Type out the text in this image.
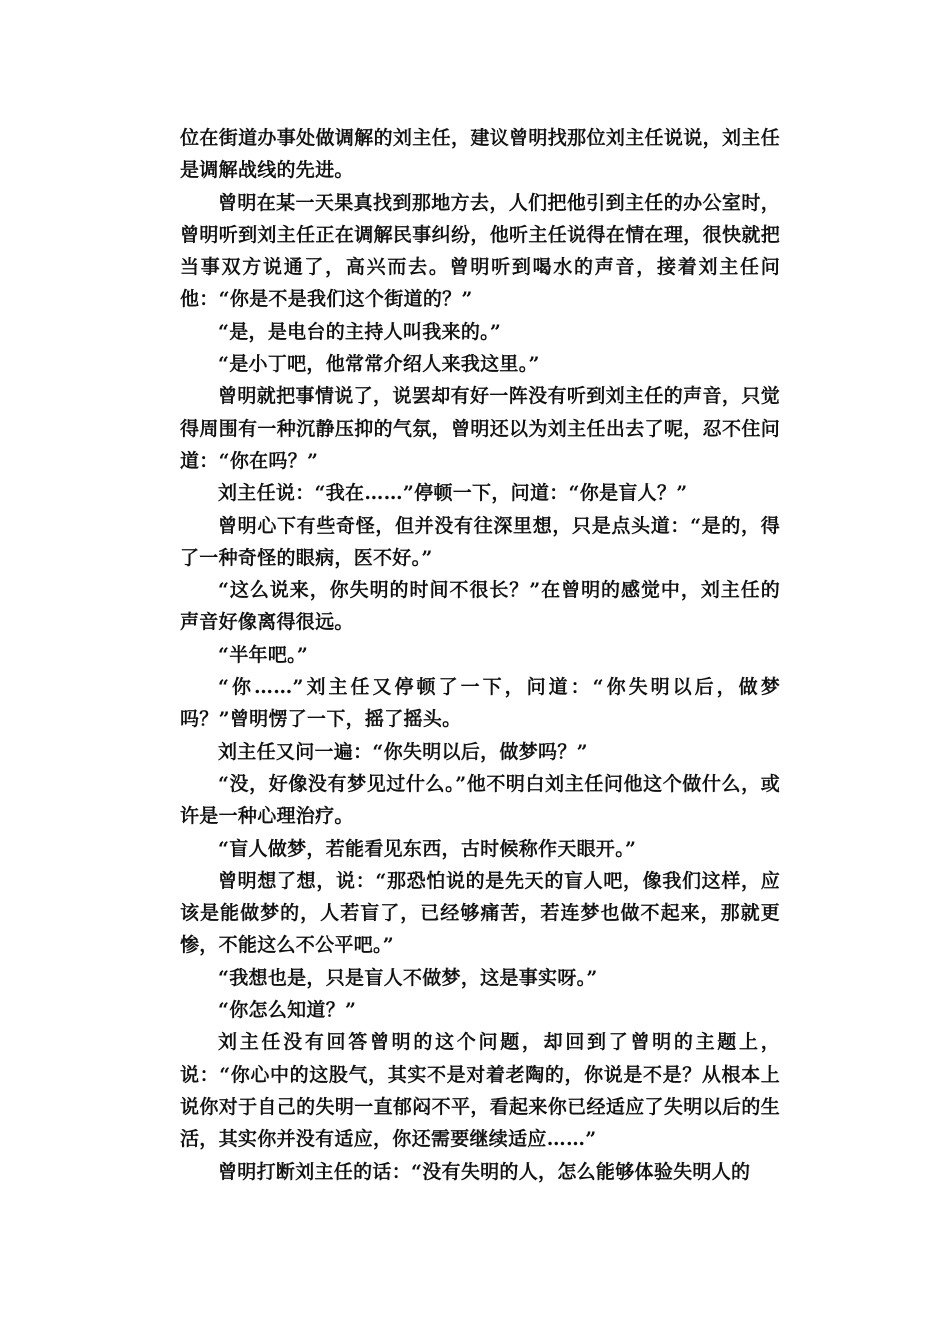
位在街道办事处做调解的刘主任，建议曾明找那位刘主任说说，刘主任是调解战线的先进。

曾明在某一天果真找到那地方去，人们把他引到主任的办公室时，曾明听到刘主任正在调解民事纠纷，他听主任说得在情在理，很快就把当事双方说通了，高兴而去。曾明听到喝水的声音，接着刘主任问他：“你是不是我们这个街道的？”

“是，是电台的主持人叫我来的。”

“是小丁吧，他常常介绍人来我这里。”

曾明就把事情说了，说罢却有好一阵没有听到刘主任的声音，只觉得周围有一种沉静压抑的气氛，曾明还以为刘主任出去了呢，忍不住问道：“你在吗？”

刘主任说：“我在……”停顿一下，问道：“你是盲人？”

曾明心下有些奇怪，但并没有往深里想，只是点头道：“是的，得了一种奇怪的眼病，医不好。”

“这么说来，你失明的时间不很长？”在曾明的感觉中，刘主任的声音好像离得很远。

“半年吧。”

“你……”刘主任又停顿了一下，问道：“你失明以后，做梦吗？”曾明愣了一下，摇了摇头。

刘主任又问一遍：“你失明以后，做梦吗？”

“没，好像没有梦见过什么。”他不明白刘主任问他这个做什么，或许是一种心理治疗。

“盲人做梦，若能看见东西，古时候称作天眼开。”

曾明想了想，说：“那恐怕说的是先天的盲人吧，像我们这样，应该是能做梦的，人若盲了，已经够痛苦，若连梦也做不起来，那就更惨，不能这么不公平吧。”

“我想也是，只是盲人不做梦，这是事实呀。”

“你怎么知道？”

刘主任没有回答曾明的这个问题，却回到了曾明的主题上，说：“你心中的这股气，其实不是对着老陶的，你说是不是？从根本上说你对于自己的失明一直郁闷不平，看起来你已经适应了失明以后的生活，其实你并没有适应，你还需要继续适应……”

曾明打断刘主任的话：“没有失明的人，怎么能够体验失明人的
